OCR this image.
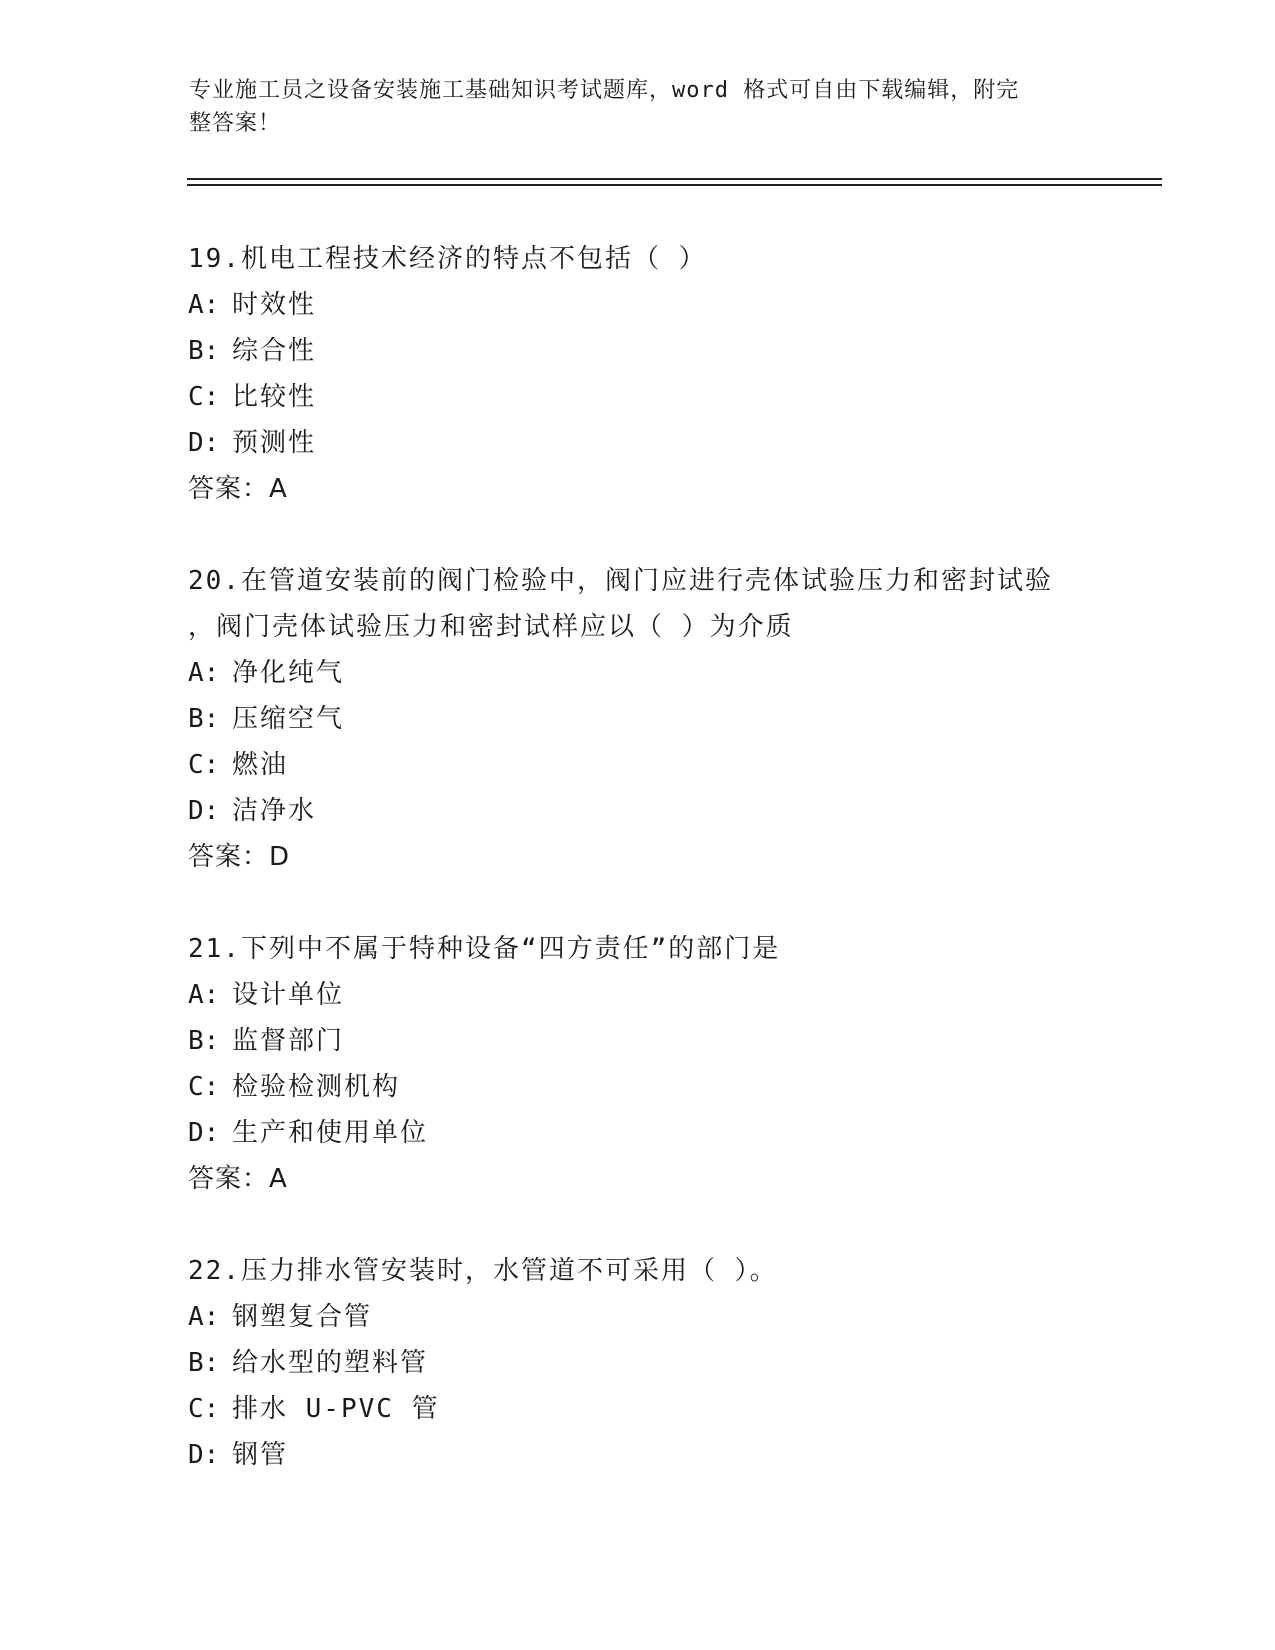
专业施工员之设备安装施工基础知识考试题库，word 格式可自由下载编辑，附完
整答案！
19.机电工程技术经济的特点不包括（ ）
A: 时效性
B: 综合性
C: 比较性
D: 预测性
答案：A
20.在管道安装前的阀门检验中，阀门应进行壳体试验压力和密封试验
，阀门壳体试验压力和密封试样应以（ ）为介质
A: 净化纯气
B: 压缩空气
C: 燃油
D: 洁净水
答案：D
21.下列中不属于特种设备“四方责任”的部门是
A: 设计单位
B: 监督部门
C: 检验检测机构
D: 生产和使用单位
答案：A
22.压力排水管安装时，水管道不可采用（ ）。
A: 钢塑复合管
B: 给水型的塑料管
C: 排水 U-PVC 管
D: 钢管
